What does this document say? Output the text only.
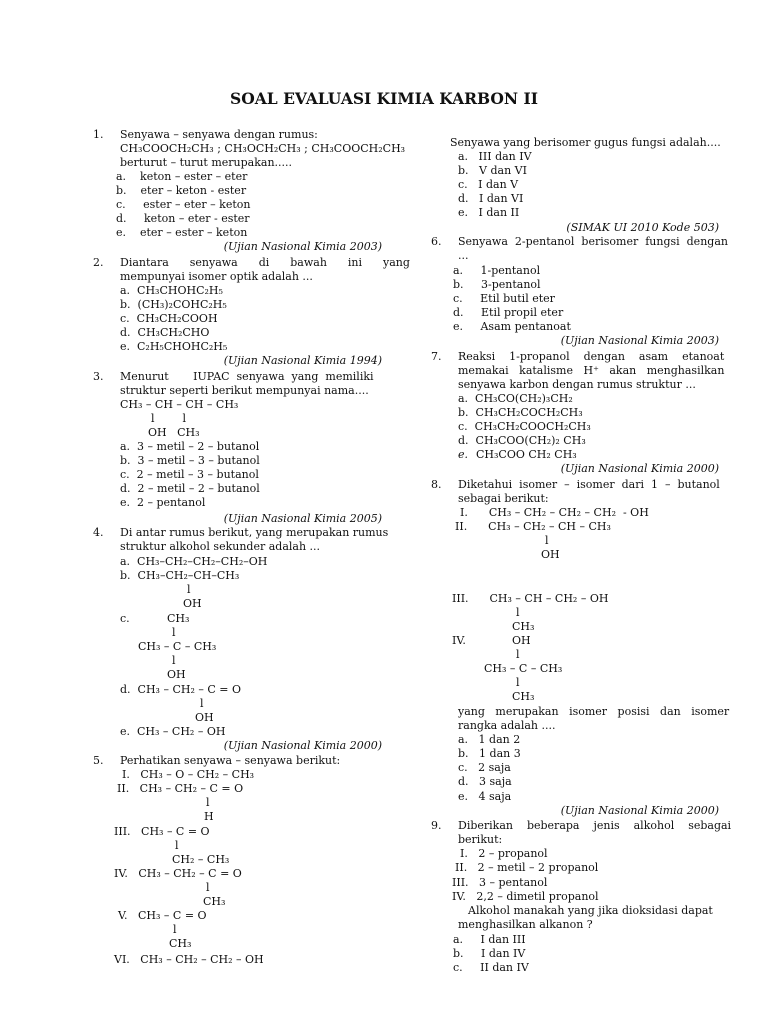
SOAL EVALUASI KIMIA KARBON II
1. Senyawa – senyawa dengan rumus:
CH₃COOCH₂CH₃ ; CH₃OCH₂CH₃ ; CH₃COOCH₂CH₃
berturut – turut merupakan.....
a.    keton – ester – eter
b.    eter – keton - ester
c.     ester – eter – keton
d.     keton – eter - ester
e.    eter – ester – keton
(Ujian Nasional Kimia 2003)
2. Diantara      senyawa      di      bawah      ini      yang
mempunyai isomer optik adalah ...
a.  CH₃CHOHC₂H₅
b.  (CH₃)₂COHC₂H₅
c.  CH₃CH₂COOH
d.  CH₃CH₂CHO
e.  C₂H₅CHOHC₂H₅
(Ujian Nasional Kimia 1994)
3. Menurut       IUPAC  senyawa  yang  memiliki
struktur seperti berikut mempunyai nama....
CH₃ – CH – CH – CH₃
l        l
OH   CH₃
a.  3 – metil – 2 – butanol
b.  3 – metil – 3 – butanol
c.  2 – metil – 3 – butanol
d.  2 – metil – 2 – butanol
e.  2 – pentanol
(Ujian Nasional Kimia 2005)
4. Di antar rumus berikut, yang merupakan rumus
struktur alkohol sekunder adalah ...
a.  CH₃–CH₂–CH₂–CH₂–OH
b.  CH₃–CH₂–CH–CH₃
l
OH
c.	CH₃
l
CH₃ – C – CH₃
l
OH
d.  CH₃ – CH₂ – C = O
l
OH
e.  CH₃ – CH₂ – OH
(Ujian Nasional Kimia 2000)
5. Perhatikan senyawa – senyawa berikut:
I.   CH₃ – O – CH₂ – CH₃
II.   CH₃ – CH₂ – C = O
l
H
III.   CH₃ – C = O
l
CH₂ – CH₃
IV.   CH₃ – CH₂ – C = O
l
CH₃
V.   CH₃ – C = O
l
CH₃
VI.   CH₃ – CH₂ – CH₂ – OH
Senyawa yang berisomer gugus fungsi adalah....
a.   III dan IV
b.   V dan VI
c.   I dan V
d.   I dan VI
e.   I dan II
(SIMAK UI 2010 Kode 503)
6. Senyawa  2-pentanol  berisomer  fungsi  dengan
...
a.     1-pentanol
b.     3-pentanol
c.     Etil butil eter
d.     Etil propil eter
e.     Asam pentanoat
(Ujian Nasional Kimia 2003)
7. Reaksi    1-propanol    dengan    asam    etanoat
memakai   katalisme   H⁺   akan   menghasilkan
senyawa karbon dengan rumus struktur ...
a.  CH₃CO(CH₂)₃CH₂
b.  CH₃CH₂COCH₂CH₃
c.  CH₃CH₂COOCH₂CH₃
d.  CH₃COO(CH₂)₂ CH₃
e. CH₃COO CH₂ CH₃
(Ujian Nasional Kimia 2000)
8. Diketahui  isomer  –  isomer  dari  1  –  butanol
sebagai berikut:
I.      CH₃ – CH₂ – CH₂ – CH₂  - OH
II.      CH₃ – CH₂ – CH – CH₃
l
OH
III.      CH₃ – CH – CH₂ – OH
l
CH₃
IV.	OH
l
CH₃ – C – CH₃
l
CH₃
yang   merupakan   isomer   posisi   dan   isomer
rangka adalah ....
a.   1 dan 2
b.   1 dan 3
c.   2 saja
d.   3 saja
e.   4 saja
(Ujian Nasional Kimia 2000)
9. Diberikan    beberapa    jenis    alkohol    sebagai
berikut:
I.   2 – propanol
II.   2 – metil – 2 propanol
III.   3 – pentanol
IV.   2,2 – dimetil propanol
Alkohol manakah yang jika dioksidasi dapat
menghasilkan alkanon ?
a.     I dan III
b.     I dan IV
c.     II dan IV
